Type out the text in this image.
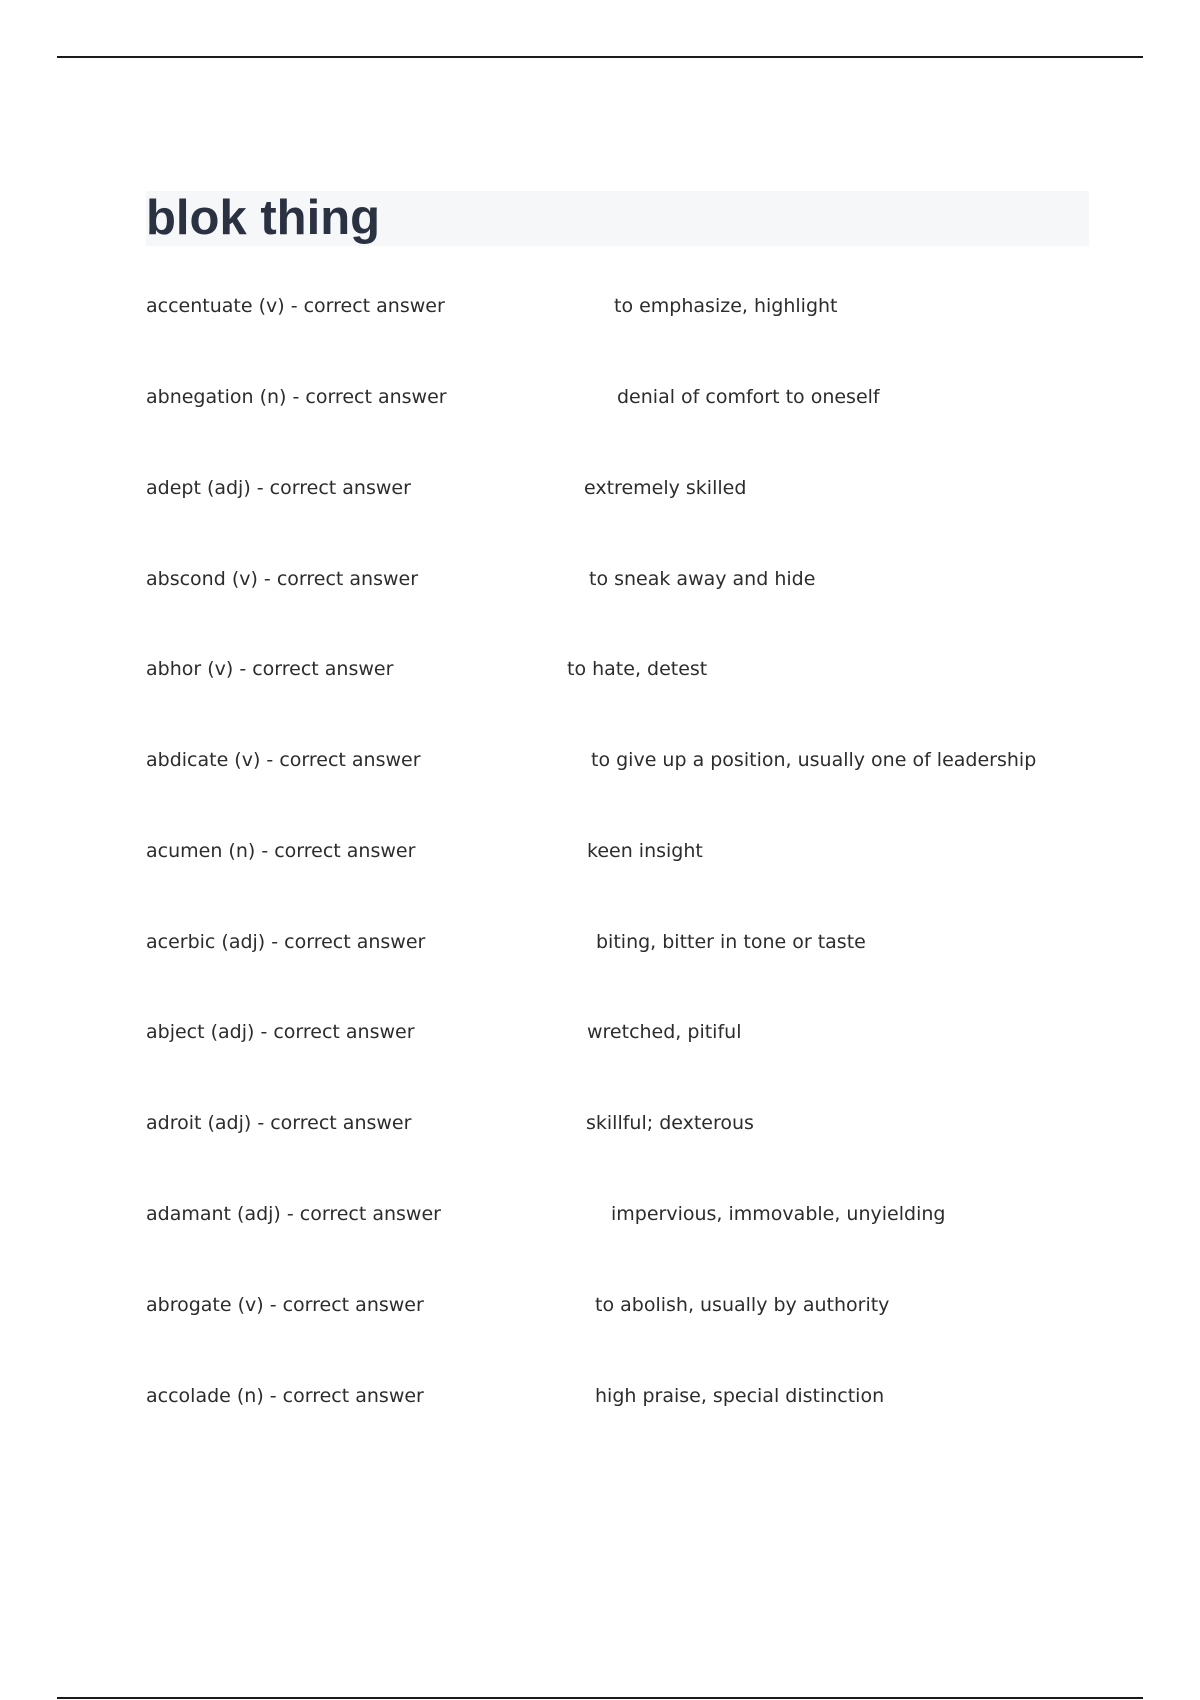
blok thing
accentuate (v) - correct answer	to emphasize, highlight
abnegation (n) - correct answer	denial of comfort to oneself
adept (adj) - correct answer	extremely skilled
abscond (v) - correct answer	to sneak away and hide
abhor (v) - correct answer	to hate, detest
abdicate (v) - correct answer	to give up a position, usually one of leadership
acumen (n) - correct answer	keen insight
acerbic (adj) - correct answer	biting, bitter in tone or taste
abject (adj) - correct answer	wretched, pitiful
adroit (adj) - correct answer	skillful; dexterous
adamant (adj) - correct answer	impervious, immovable, unyielding
abrogate (v) - correct answer	to abolish, usually by authority
accolade (n) - correct answer	high praise, special distinction
